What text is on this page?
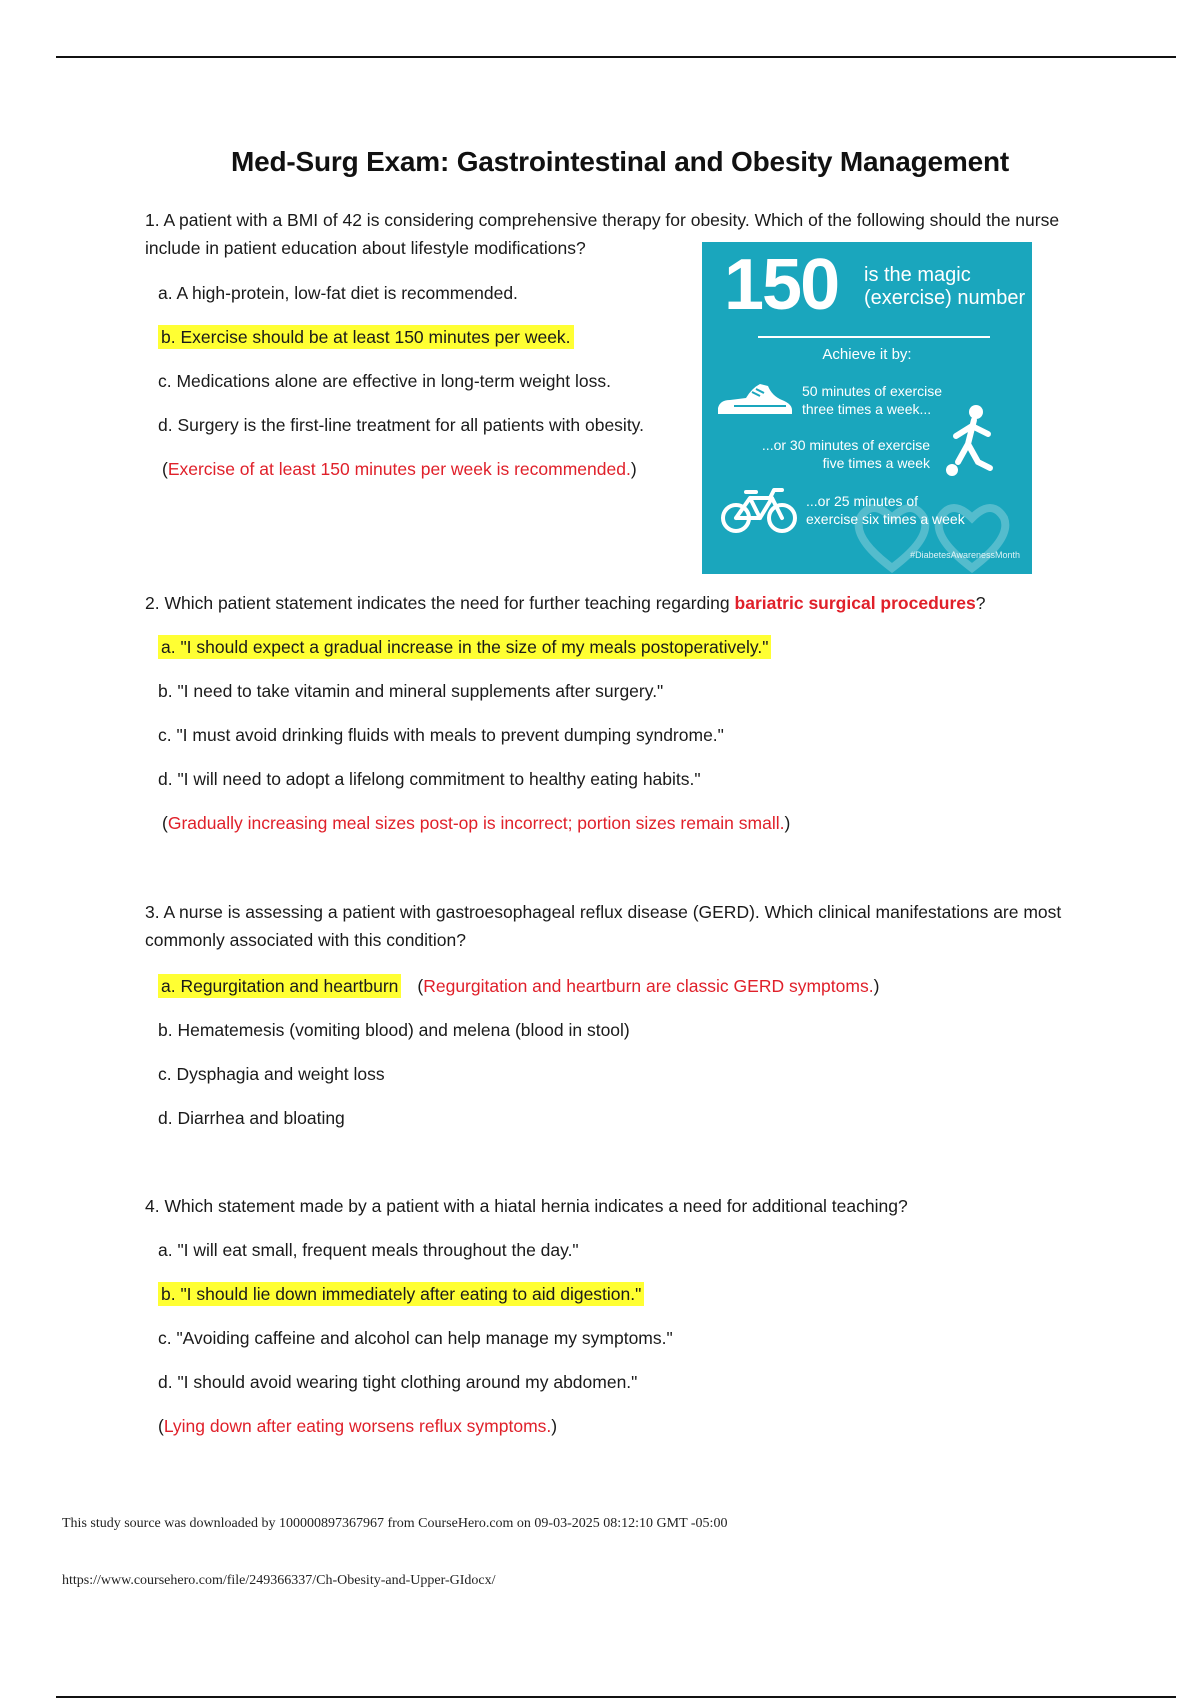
Med-Surg Exam: Gastrointestinal and Obesity Management
1. A patient with a BMI of 42 is considering comprehensive therapy for obesity. Which of the following should the nurse include in patient education about lifestyle modifications?
a. A high-protein, low-fat diet is recommended.
b. Exercise should be at least 150 minutes per week.
c. Medications alone are effective in long-term weight loss.
d. Surgery is the first-line treatment for all patients with obesity.
(Exercise of at least 150 minutes per week is recommended.)
150 is the magic
(exercise) number
Achieve it by:
50 minutes of exercise
three times a week...
...or 30 minutes of exercise
five times a week
...or 25 minutes of
exercise six times a week
#DiabetesAwarenessMonth
2. Which patient statement indicates the need for further teaching regarding bariatric surgical procedures?
a. "I should expect a gradual increase in the size of my meals postoperatively."
b. "I need to take vitamin and mineral supplements after surgery."
c. "I must avoid drinking fluids with meals to prevent dumping syndrome."
d. "I will need to adopt a lifelong commitment to healthy eating habits."
(Gradually increasing meal sizes post-op is incorrect; portion sizes remain small.)
3. A nurse is assessing a patient with gastroesophageal reflux disease (GERD). Which clinical manifestations are most commonly associated with this condition?
a. Regurgitation and heartburn (Regurgitation and heartburn are classic GERD symptoms.)
b. Hematemesis (vomiting blood) and melena (blood in stool)
c. Dysphagia and weight loss
d. Diarrhea and bloating
4. Which statement made by a patient with a hiatal hernia indicates a need for additional teaching?
a. "I will eat small, frequent meals throughout the day."
b. "I should lie down immediately after eating to aid digestion."
c. "Avoiding caffeine and alcohol can help manage my symptoms."
d. "I should avoid wearing tight clothing around my abdomen."
(Lying down after eating worsens reflux symptoms.)
This study source was downloaded by 100000897367967 from CourseHero.com on 09-03-2025 08:12:10 GMT -05:00
https://www.coursehero.com/file/249366337/Ch-Obesity-and-Upper-GIdocx/
